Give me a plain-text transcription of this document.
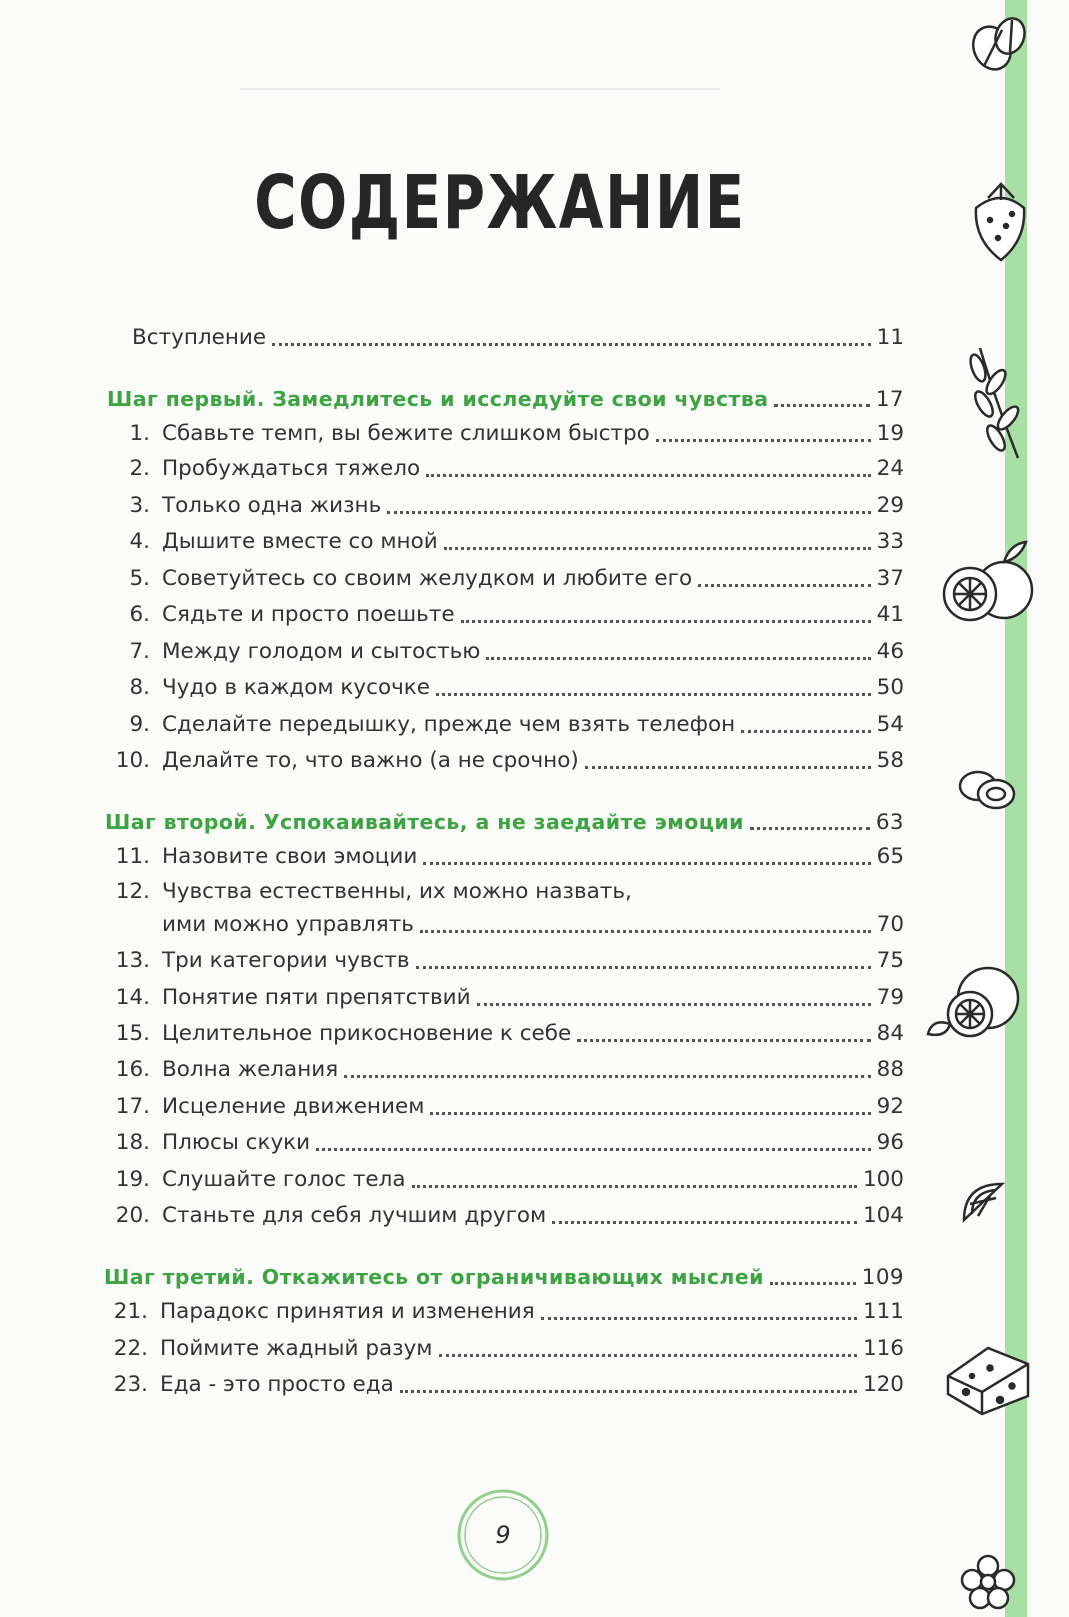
СОДЕРЖАНИЕ
Вступление	11
Шаг первый. Замедлитесь и исследуйте свои чувства	17
1. Сбавьте темп, вы бежите слишком быстро	19
2. Пробуждаться тяжело	24
3. Только одна жизнь	29
4. Дышите вместе со мной	33
5. Советуйтесь со своим желудком и любите его	37
6. Сядьте и просто поешьте	41
7. Между голодом и сытостью	46
8. Чудо в каждом кусочке	50
9. Сделайте передышку, прежде чем взять телефон	54
10. Делайте то, что важно (а не срочно)	58
Шаг второй. Успокаивайтесь, а не заедайте эмоции	63
11. Назовите свои эмоции	65
12. Чувства естественны, их можно назвать,
ими можно управлять	70
13. Три категории чувств	75
14. Понятие пяти препятствий	79
15. Целительное прикосновение к себе	84
16. Волна желания	88
17. Исцеление движением	92
18. Плюсы скуки	96
19. Слушайте голос тела	100
20. Станьте для себя лучшим другом	104
Шаг третий. Откажитесь от ограничивающих мыслей	109
21. Парадокс принятия и изменения	111
22. Поймите жадный разум	116
23. Еда - это просто еда	120
9
